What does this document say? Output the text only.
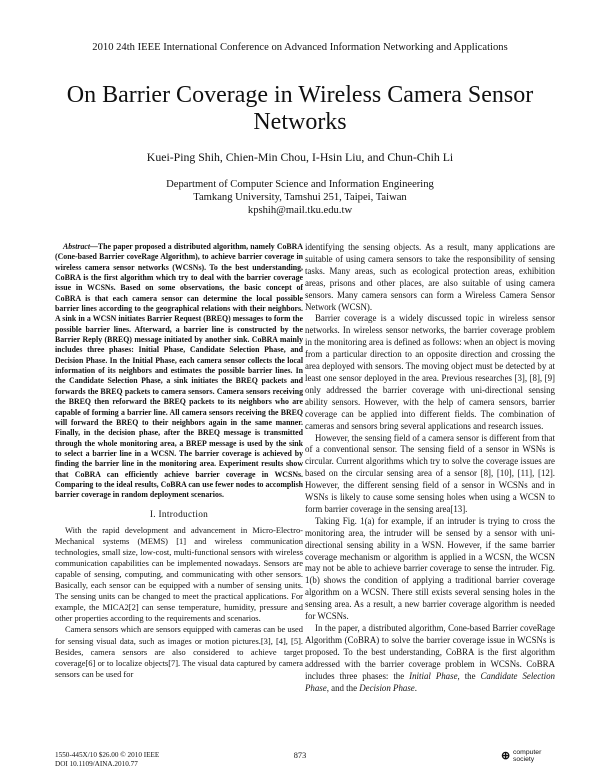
2010 24th IEEE International Conference on Advanced Information Networking and Applications
On Barrier Coverage in Wireless Camera Sensor
Networks
Kuei-Ping Shih, Chien-Min Chou, I-Hsin Liu, and Chun-Chih Li
Department of Computer Science and Information Engineering
Tamkang University, Tamshui 251, Taipei, Taiwan
kpshih@mail.tku.edu.tw

Abstract—The paper proposed a distributed algorithm, namely CoBRA (Cone-based Barrier coveRage Algorithm), to achieve barrier coverage in wireless camera sensor networks (WCSNs). To the best understanding, CoBRA is the first algorithm which try to deal with the barrier coverage issue in WCSNs. Based on some observations, the basic concept of CoBRA is that each camera sensor can determine the local possible barrier lines according to the geographical relations with their neighbors. A sink in a WCSN initiates Barrier Request (BREQ) messages to form the possible barrier lines. Afterward, a barrier line is constructed by the Barrier Reply (BREQ) message initiated by another sink. CoBRA mainly includes three phases: Initial Phase, Candidate Selection Phase, and Decision Phase. In the Initial Phase, each camera sensor collects the local information of its neighbors and estimates the possible barrier lines. In the Candidate Selection Phase, a sink initiates the BREQ packets and forwards the BREQ packets to camera sensors. Camera sensors receiving the BREQ then reforward the BREQ packets to its neighbors who are capable of forming a barrier line. All camera sensors receiving the BREQ will forward the BREQ to their neighbors again in the same manner. Finally, in the decision phase, after the BREQ message is transmitted through the whole monitoring area, a BREP message is used by the sink to select a barrier line in a WCSN. The barrier coverage is achieved by finding the barrier line in the monitoring area. Experiment results show that CoBRA can efficiently achieve barrier coverage in WCSNs. Comparing to the ideal results, CoBRA can use fewer nodes to accomplish barrier coverage in random deployment scenarios.

I. Introduction

With the rapid development and advancement in Micro-Electro-Mechanical systems (MEMS) [1] and wireless communication technologies, small size, low-cost, multi-functional sensors with wireless communication capabilities can be implemented nowadays. Sensors are capable of sensing, computing, and communicating with other sensors. Basically, each sensor can be equipped with a number of sensing units. The sensing units can be changed to meet the practical applications. For example, the MICA2[2] can sense temperature, humidity, pressure and other properties according to the requirements and scenarios.

Camera sensors which are sensors equipped with cameras can be used for sensing visual data, such as images or motion pictures.[3], [4], [5]. Besides, camera sensors are also considered to achieve target coverage[6] or to localize objects[7]. The visual data captured by camera sensors can be used for

identifying the sensing objects. As a result, many applications are suitable of using camera sensors to take the responsibility of sensing tasks. Many areas, such as ecological protection areas, exhibition areas, prisons and other places, are also suitable of using camera sensors. Many camera sensors can form a Wireless Camera Sensor Network (WCSN).

Barrier coverage is a widely discussed topic in wireless sensor networks. In wireless sensor networks, the barrier coverage problem in the monitoring area is defined as follows: when an object is moving from a particular direction to an opposite direction and crossing the area deployed with sensors. The moving object must be detected by at least one sensor deployed in the area. Previous researches [3], [8], [9] only addressed the barrier coverage with uni-directional sensing ability sensors. However, with the help of camera sensors, barrier coverage can be applied into different fields. The combination of cameras and sensors bring several applications and research issues.

However, the sensing field of a camera sensor is different from that of a conventional sensor. The sensing field of a sensor in WSNs is circular. Current algorithms which try to solve the coverage issues are based on the circular sensing area of a sensor [8], [10], [11], [12]. However, the different sensing field of a sensor in WCSNs and in WSNs is likely to cause some sensing holes when using a WCSN to form barrier coverage in the sensing area[13].

Taking Fig. 1(a) for example, if an intruder is trying to cross the monitoring area, the intruder will be sensed by a sensor with uni-directional sensing ability in a WSN. However, if the same barrier coverage mechanism or algorithm is applied in a WCSN, the WCSN may not be able to achieve barrier coverage to sense the intruder. Fig. 1(b) shows the condition of applying a traditional barrier coverage algorithm on a WCSN. There still exists several sensing holes in the sensing area. As a result, a new barrier coverage algorithm is needed for WCSNs.

In the paper, a distributed algorithm, Cone-based Barrier coveRage Algorithm (CoBRA) to solve the barrier coverage issue in WCSNs is proposed. To the best understanding, CoBRA is the first algorithm addressed with the barrier coverage problem in WCSNs. CoBRA includes three phases: the Initial Phase, the Candidate Selection Phase, and the Decision Phase.

1550-445X/10 $26.00 © 2010 IEEE
DOI 10.1109/AINA.2010.77
873	⊕ computer
society
